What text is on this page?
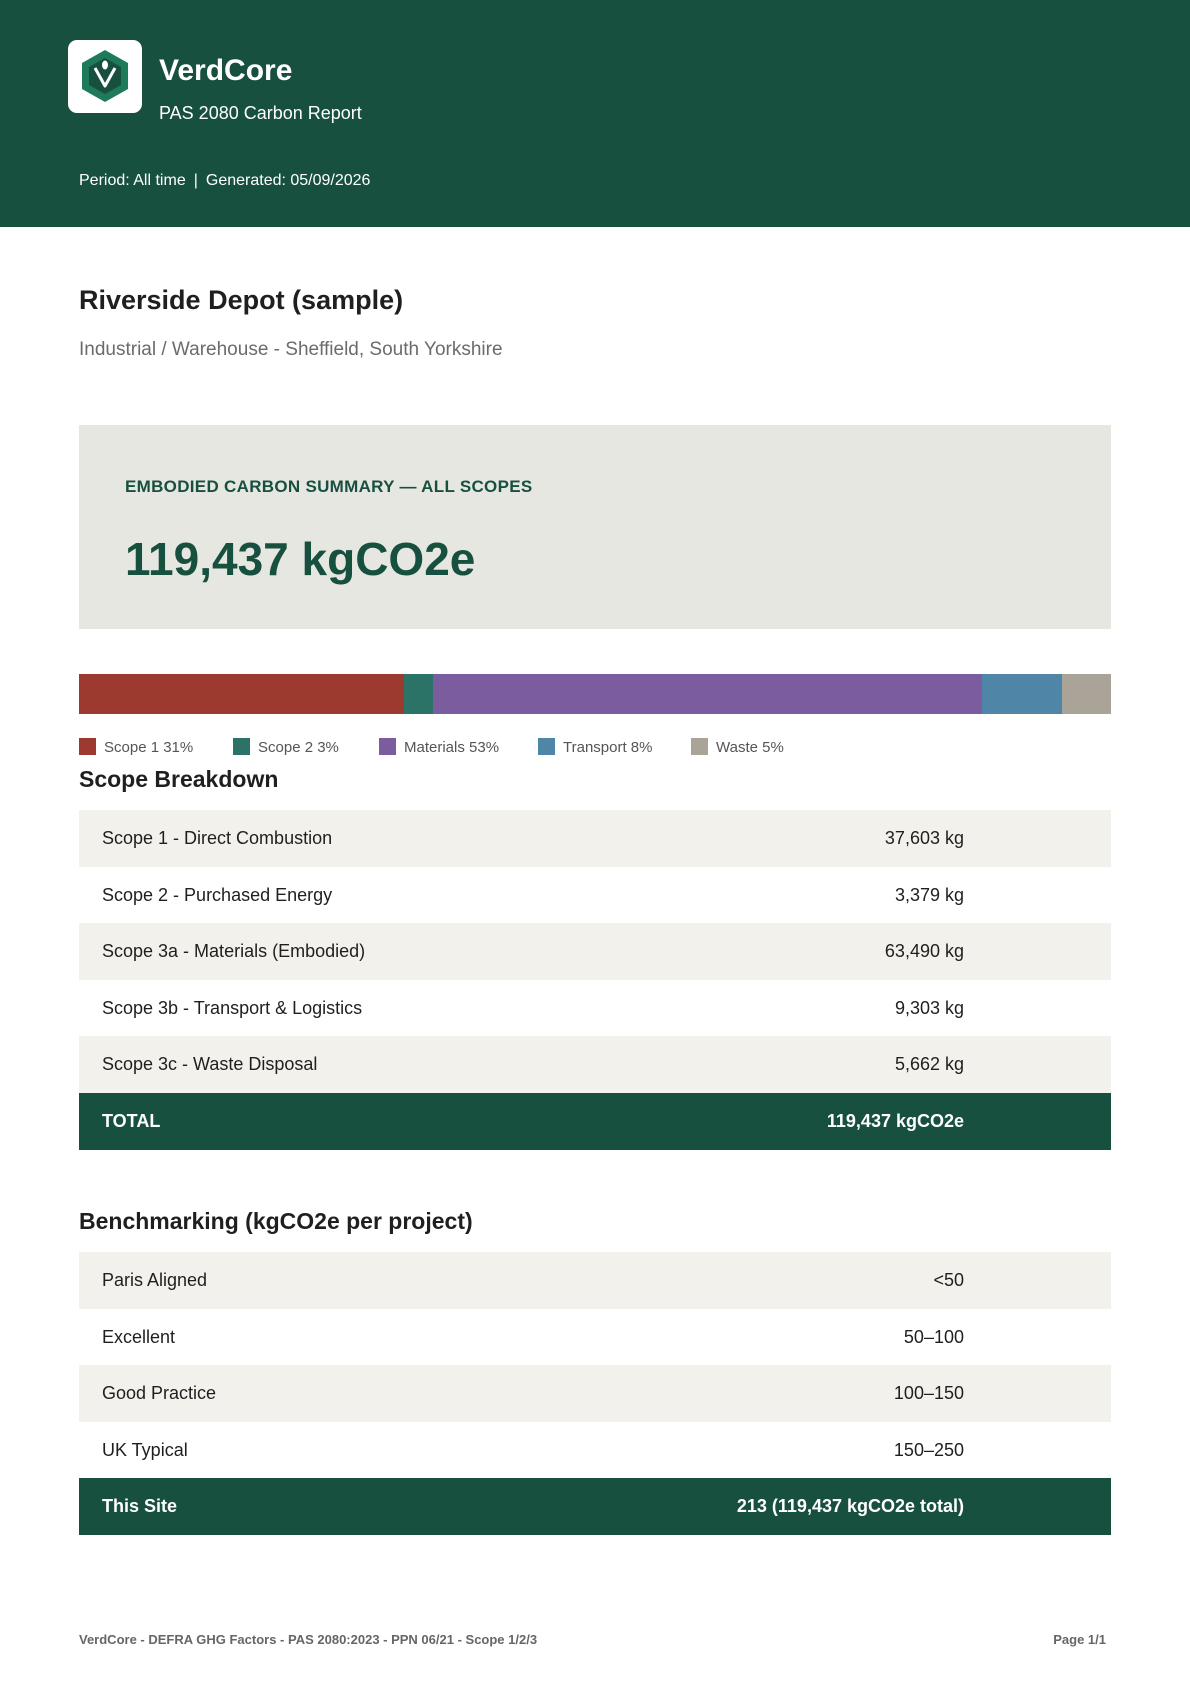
VerdCore
PAS 2080 Carbon Report
Period: All time | Generated: 05/09/2026
Riverside Depot (sample)
Industrial / Warehouse - Sheffield, South Yorkshire
EMBODIED CARBON SUMMARY — ALL SCOPES
119,437 kgCO2e
Scope 1 31%	Scope 2 3%	Materials 53%	Transport 8%	Waste 5%
Scope Breakdown
Scope 1 - Direct Combustion	37,603 kg
Scope 2 - Purchased Energy	3,379 kg
Scope 3a - Materials (Embodied)	63,490 kg
Scope 3b - Transport & Logistics	9,303 kg
Scope 3c - Waste Disposal	5,662 kg
TOTAL	119,437 kgCO2e
Benchmarking (kgCO2e per project)
Paris Aligned	<50
Excellent	50–100
Good Practice	100–150
UK Typical	150–250
This Site	213 (119,437 kgCO2e total)
VerdCore - DEFRA GHG Factors - PAS 2080:2023 - PPN 06/21 - Scope 1/2/3	Page 1/1
